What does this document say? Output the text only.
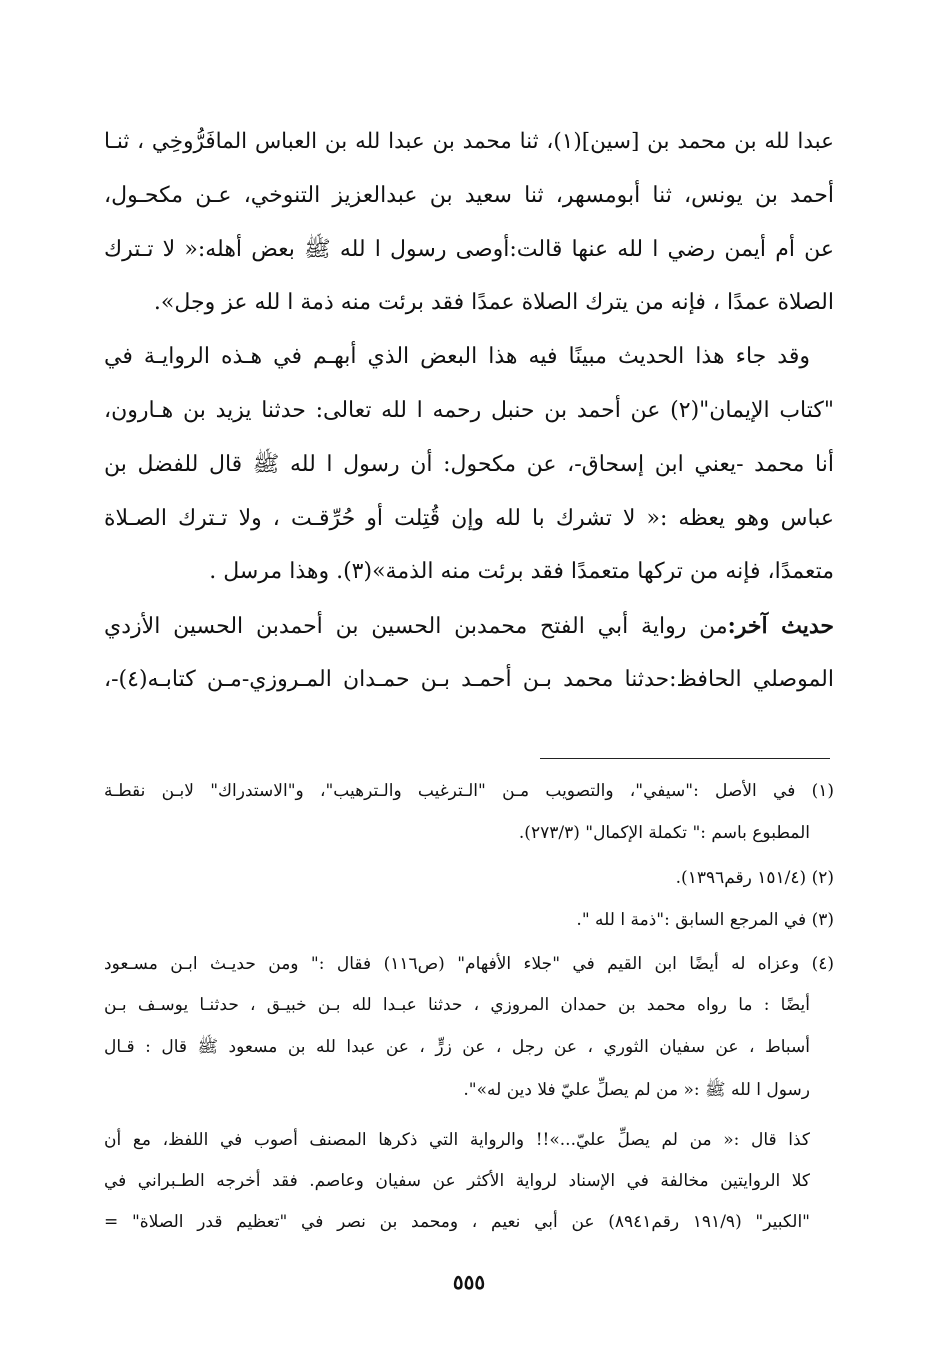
عبدا لله بن محمد بن [سين](١)، ثنا محمد بن عبدا لله بن العباس المافَرُّوخِي ، ثنـا
أحمد بن يونس، ثنا أبومسهر، ثنا سعيد بن عبدالعزيز التنوخي، عـن مكحـول،
عن أم أيمن رضي ا لله عنها قالت:أوصى رسول ا لله ﷺ بعض أهله:« لا تـترك
الصلاة عمدًا ، فإنه من يترك الصلاة عمدًا فقد برئت منه ذمة ا لله عز وجل».
وقد جاء هذا الحديث مبينًا فيه هذا البعض الذي أبهـم في هـذه الروايـة في
"كتاب الإيمان"(٢) عن أحمد بن حنبل رحمه ا لله تعالى: حدثنا يزيد بن هـارون،
أنا محمد -يعني ابن إسحاق-، عن مكحول: أن رسول ا لله ﷺ قال للفضل بن
عباس وهو يعظه :« لا تشرك با لله وإن قُتِلت أو حُرِّقـت ، ولا تـترك الصـلاة
متعمدًا، فإنه من تركها متعمدًا فقد برئت منه الذمة»(٣). وهذا مرسل .
حديث آخر:من رواية أبي الفتح محمدبن الحسين بن أحمدبن الحسين الأزدي
الموصلي الحافظ:حدثنا محمد بـن أحمـد بـن حمـدان المـروزي-مـن كتابـه(٤)-،
(١) في الأصل :"سيفي"، والتصويب مـن "الـترغيب والـترهيب"، و"الاستدراك" لابـن نقطـة
المطبوع باسم :" تكملة الإكمال" (٢٧٣/٣).
(٢) (١٥١/٤ رقم١٣٩٦).
(٣) في المرجع السابق :"ذمة ا لله ".
(٤) وعزاه له أيضًا ابن القيم في "جلاء الأفهام" (ص١١٦) فقال :" ومن حديـث ابـن مسـعود
أيضًا : ما رواه محمد بن حمدان المروزي ، حدثنا عبـدا لله بـن خبيـق ، حدثنـا يوسـف بـن
أسباط ، عن سفيان الثوري ، عن رجل ، عن زرٍّ ، عن عبدا لله بن مسعود ﷺ قال : قـال
رسول ا لله ﷺ :« من لم يصلِّ عليّ فلا دين له»".
كذا قال :« من لم يصلِّ عليّ...»!! والرواية التي ذكرها المصنف أصوب في اللفظ، مع أن
كلا الروايتين مخالفة في الإسناد لرواية الأكثر عن سفيان وعاصم. فقد أخرجه الطـبراني في
"الكبير" (١٩١/٩ رقم٨٩٤١) عن أبي نعيم ، ومحمد بن نصر في "تعظيم قدر الصلاة" =
٥٥٥
